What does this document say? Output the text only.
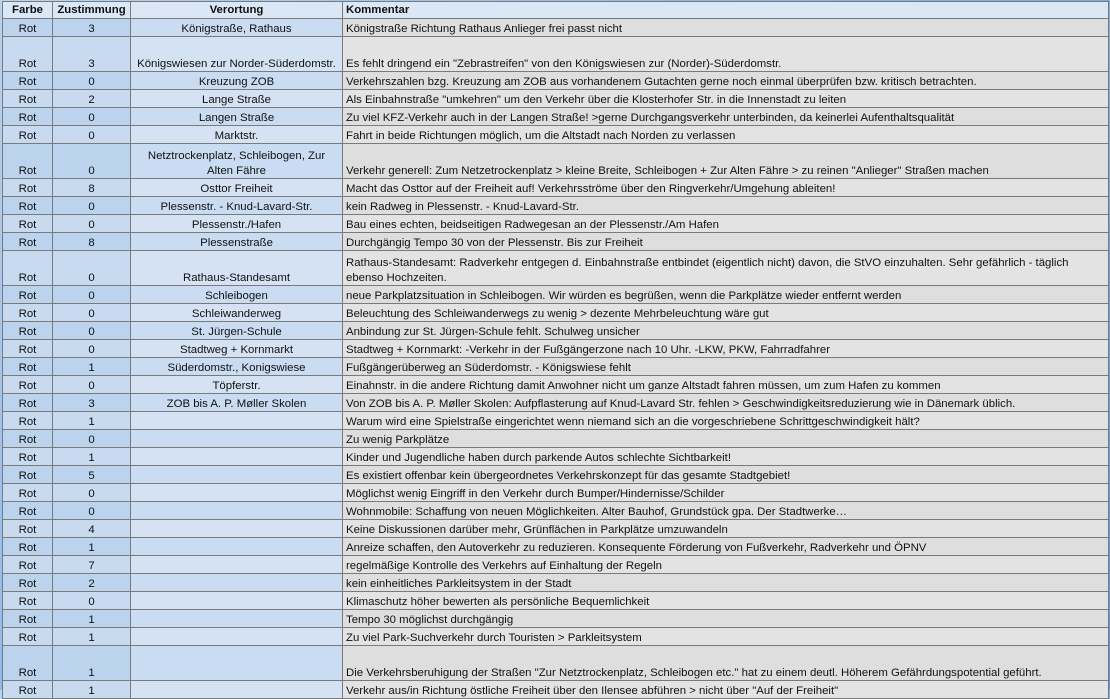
Farbe	Zustimmung	Verortung	Kommentar
Rot	3	Königstraße, Rathaus	Königstraße Richtung Rathaus Anlieger frei passt nicht
Rot	3	Königswiesen zur Norder-Süderdomstr.	Es fehlt dringend ein "Zebrastreifen" von den Königswiesen zur (Norder)-Süderdomstr.
Rot	0	Kreuzung ZOB	Verkehrszahlen bzg. Kreuzung am ZOB aus vorhandenem Gutachten gerne noch einmal überprüfen bzw. kritisch betrachten.
Rot	2	Lange Straße	Als Einbahnstraße "umkehren" um den Verkehr über die Klosterhofer Str. in die Innenstadt zu leiten
Rot	0	Langen Straße	Zu viel KFZ-Verkehr auch in der Langen Straße! >gerne Durchgangsverkehr unterbinden, da keinerlei Aufenthaltsqualität
Rot	0	Marktstr.	Fahrt in beide Richtungen möglich, um die Altstadt nach Norden zu verlassen
Rot	0	Netztrockenplatz, Schleibogen, Zur Alten Fähre	Verkehr generell: Zum Netzetrockenplatz > kleine Breite, Schleibogen + Zur Alten Fähre > zu reinen "Anlieger" Straßen machen
Rot	8	Osttor Freiheit	Macht das Osttor auf der Freiheit auf! Verkehrsströme über den Ringverkehr/Umgehung ableiten!
Rot	0	Plessenstr. - Knud-Lavard-Str.	kein Radweg in Plessenstr. - Knud-Lavard-Str.
Rot	0	Plessenstr./Hafen	Bau eines echten, beidseitigen Radwegesan an der Plessenstr./Am Hafen
Rot	8	Plessenstraße	Durchgängig Tempo 30 von der Plessenstr. Bis zur Freiheit
Rot	0	Rathaus-Standesamt	Rathaus-Standesamt: Radverkehr entgegen d. Einbahnstraße entbindet (eigentlich nicht) davon, die StVO einzuhalten. Sehr gefährlich - täglich ebenso Hochzeiten.
Rot	0	Schleibogen	neue Parkplatzsituation in Schleibogen. Wir würden es begrüßen, wenn die Parkplätze wieder entfernt werden
Rot	0	Schleiwanderweg	Beleuchtung des Schleiwanderwegs zu wenig > dezente Mehrbeleuchtung wäre gut
Rot	0	St. Jürgen-Schule	Anbindung zur St. Jürgen-Schule fehlt. Schulweg unsicher
Rot	0	Stadtweg + Kornmarkt	Stadtweg + Kornmarkt: -Verkehr in der Fußgängerzone nach 10 Uhr. -LKW, PKW, Fahrradfahrer
Rot	1	Süderdomstr., Konigswiese	Fußgängerüberweg an Süderdomstr. - Königswiese fehlt
Rot	0	Töpferstr.	Einahnstr. in die andere Richtung damit Anwohner nicht um ganze Altstadt fahren müssen, um zum Hafen zu kommen
Rot	3	ZOB bis A. P. Møller Skolen	Von ZOB bis A. P. Møller Skolen: Aufpflasterung auf Knud-Lavard Str. fehlen > Geschwindigkeitsreduzierung wie in Dänemark üblich.
Rot	1		Warum wird eine Spielstraße eingerichtet wenn niemand sich an die vorgeschriebene Schrittgeschwindigkeit hält?
Rot	0		Zu wenig Parkplätze
Rot	1		Kinder und Jugendliche haben durch parkende Autos schlechte Sichtbarkeit!
Rot	5		Es existiert offenbar kein übergeordnetes Verkehrskonzept für das gesamte Stadtgebiet!
Rot	0		Möglichst wenig Eingriff in den Verkehr durch Bumper/Hindernisse/Schilder
Rot	0		Wohnmobile: Schaffung von neuen Möglichkeiten. Alter Bauhof, Grundstück gpa. Der Stadtwerke…
Rot	4		Keine Diskussionen darüber mehr, Grünflächen in Parkplätze umzuwandeln
Rot	1		Anreize schaffen, den Autoverkehr zu reduzieren. Konsequente Förderung von Fußverkehr, Radverkehr und ÖPNV
Rot	7		regelmäßige Kontrolle des Verkehrs auf Einhaltung der Regeln
Rot	2		kein einheitliches Parkleitsystem in der Stadt
Rot	0		Klimaschutz höher bewerten als persönliche Bequemlichkeit
Rot	1		Tempo 30 möglichst durchgängig
Rot	1		Zu viel Park-Suchverkehr durch Touristen > Parkleitsystem
Rot	1		Die Verkehrsberuhigung der Straßen "Zur Netztrockenplatz, Schleibogen etc." hat zu einem deutl. Höherem Gefährdungspotential geführt.
Rot	1		Verkehr aus/in Richtung östliche Freiheit über den Ilensee abführen > nicht über "Auf der Freiheit"
